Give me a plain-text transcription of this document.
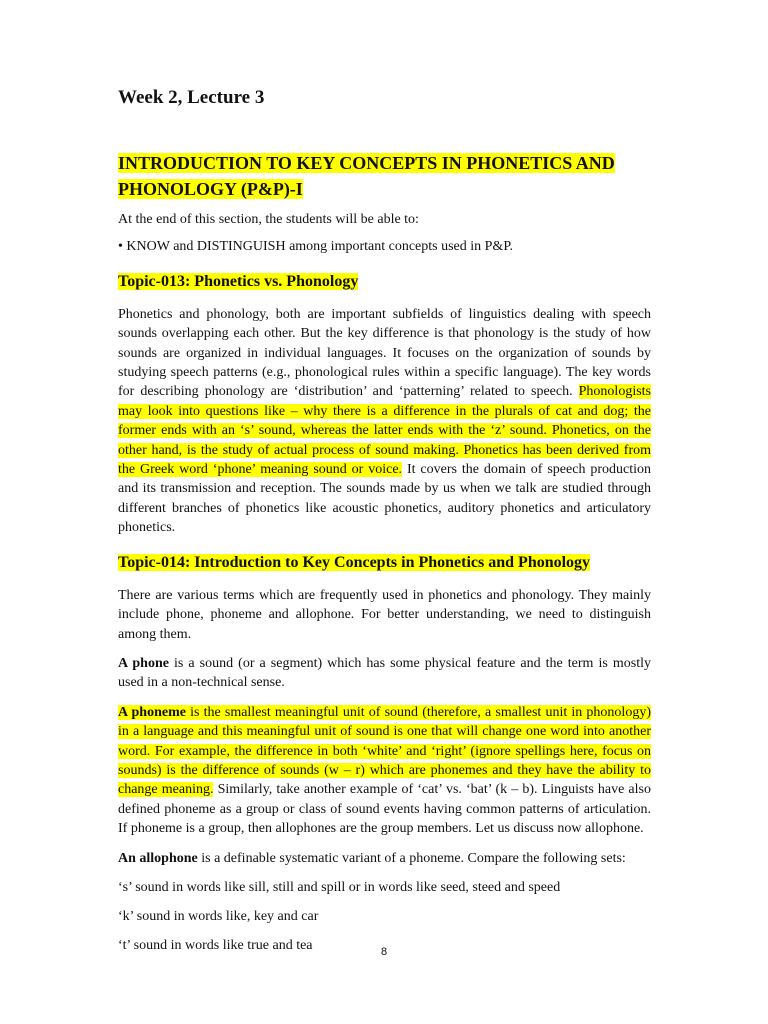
Week 2, Lecture 3
INTRODUCTION TO KEY CONCEPTS IN PHONETICS AND PHONOLOGY (P&P)-I

At the end of this section, the students will be able to:

• KNOW and DISTINGUISH among important concepts used in P&P.

Topic-013: Phonetics vs. Phonology

Phonetics and phonology, both are important subfields of linguistics dealing with speech sounds overlapping each other. But the key difference is that phonology is the study of how sounds are organized in individual languages. It focuses on the organization of sounds by studying speech patterns (e.g., phonological rules within a specific language). The key words for describing phonology are ‘distribution’ and ‘patterning’ related to speech. Phonologists may look into questions like – why there is a difference in the plurals of cat and dog; the former ends with an ‘s’ sound, whereas the latter ends with the ‘z’ sound. Phonetics, on the other hand, is the study of actual process of sound making. Phonetics has been derived from the Greek word ‘phone’ meaning sound or voice. It covers the domain of speech production and its transmission and reception. The sounds made by us when we talk are studied through different branches of phonetics like acoustic phonetics, auditory phonetics and articulatory phonetics.

Topic-014: Introduction to Key Concepts in Phonetics and Phonology

There are various terms which are frequently used in phonetics and phonology. They mainly include phone, phoneme and allophone. For better understanding, we need to distinguish among them.

A phone is a sound (or a segment) which has some physical feature and the term is mostly used in a non-technical sense.

A phoneme is the smallest meaningful unit of sound (therefore, a smallest unit in phonology) in a language and this meaningful unit of sound is one that will change one word into another word. For example, the difference in both ‘white’ and ‘right’ (ignore spellings here, focus on sounds) is the difference of sounds (w – r) which are phonemes and they have the ability to change meaning. Similarly, take another example of ‘cat’ vs. ‘bat’ (k – b). Linguists have also defined phoneme as a group or class of sound events having common patterns of articulation. If phoneme is a group, then allophones are the group members. Let us discuss now allophone.

An allophone is a definable systematic variant of a phoneme. Compare the following sets:

‘s’ sound in words like sill, still and spill or in words like seed, steed and speed
‘k’ sound in words like, key and car
‘t’ sound in words like true and tea	8
